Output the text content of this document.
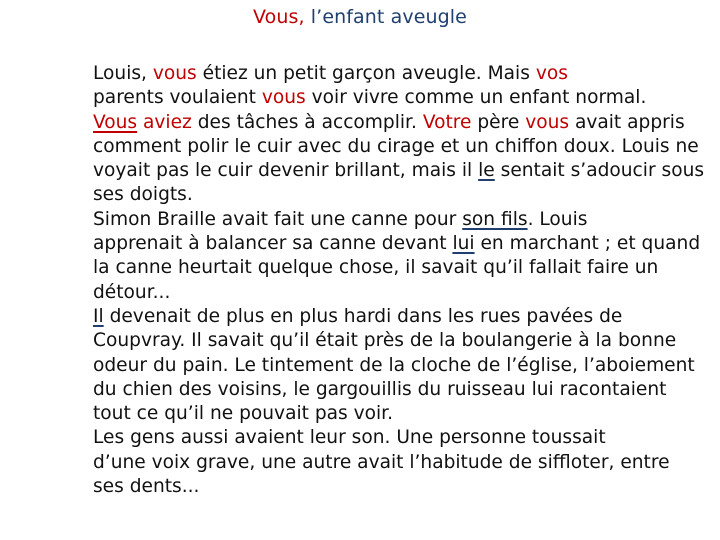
Vous, l’enfant aveugle

Louis, vous étiez un petit garçon aveugle. Mais vos
parents voulaient vous voir vivre comme un enfant normal.
Vous aviez des tâches à accomplir. Votre père vous avait appris
comment polir le cuir avec du cirage et un chiffon doux. Louis ne
voyait pas le cuir devenir brillant, mais il le sentait s’adoucir sous
ses doigts.

Simon Braille avait fait une canne pour son fils. Louis
apprenait à balancer sa canne devant lui en marchant ; et quand
la canne heurtait quelque chose, il savait qu’il fallait faire un
détour...

Il devenait de plus en plus hardi dans les rues pavées de
Coupvray. Il savait qu’il était près de la boulangerie à la bonne
odeur du pain. Le tintement de la cloche de l’église, l’aboiement
du chien des voisins, le gargouillis du ruisseau lui racontaient
tout ce qu’il ne pouvait pas voir.

Les gens aussi avaient leur son. Une personne toussait
d’une voix grave, une autre avait l’habitude de siffloter, entre
ses dents...
